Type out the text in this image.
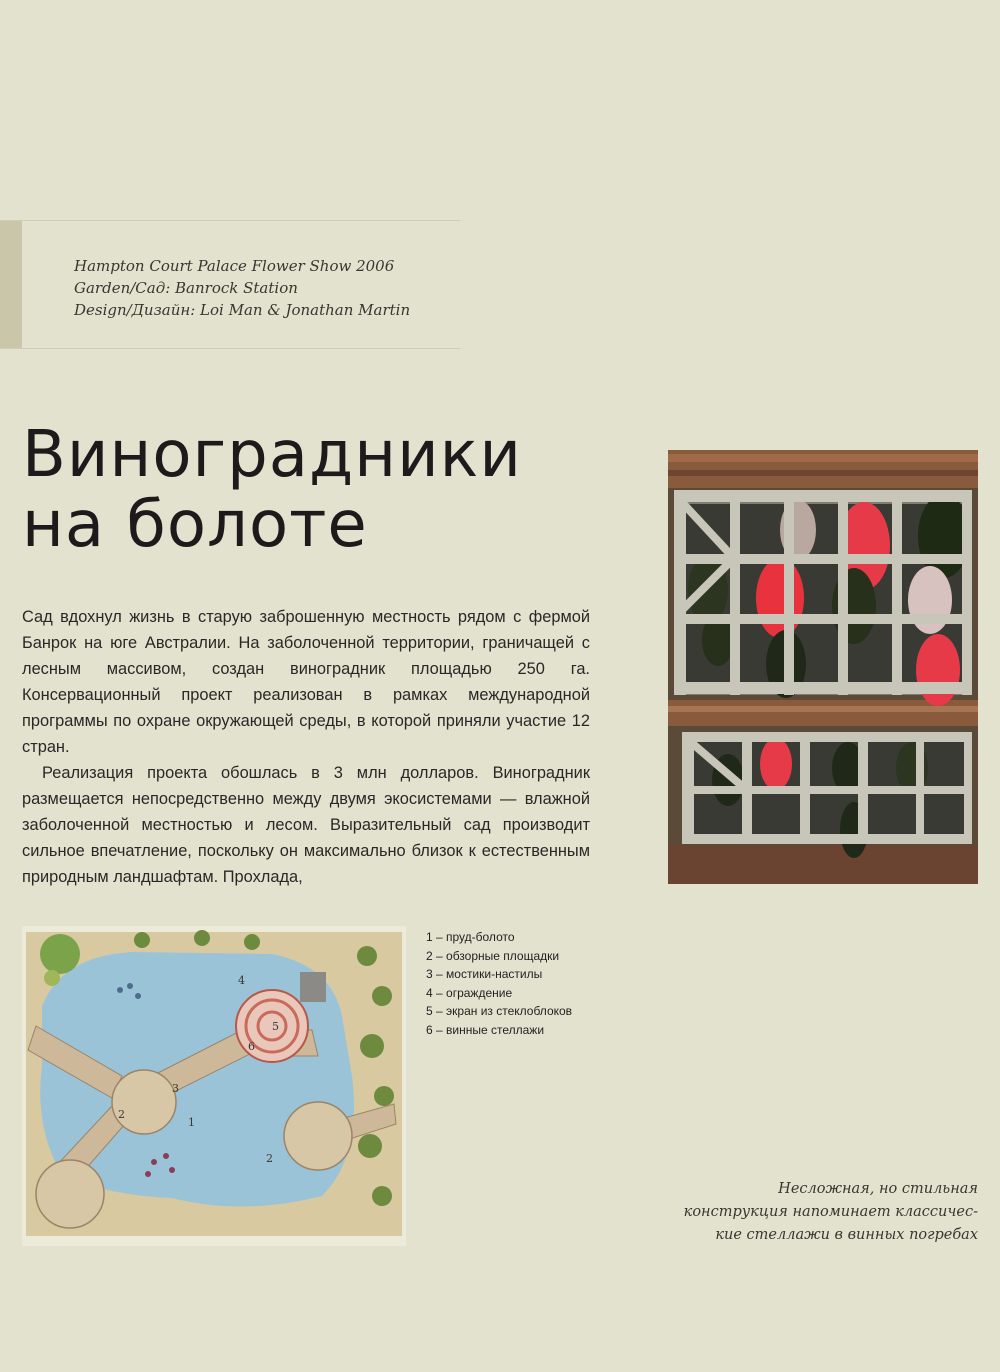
Hampton Court Palace Flower Show 2006
Garden/Сад: Banrock Station
Design/Дизайн: Loi Man & Jonathan Martin
Виноградники
на болоте

Сад вдохнул жизнь в старую заброшенную местность рядом с фермой Банрок на юге Австралии. На заболоченной территории, граничащей с лесным массивом, создан виноградник площадью 250 га. Консервационный проект реализован в рамках международной программы по охране окружающей среды, в которой приняли участие 12 стран.

Реализация проекта обошлась в 3 млн долларов. Виноградник размещается непосредственно между двумя экосистемами — влажной заболоченной местностью и лесом. Выразительный сад производит сильное впечатление, поскольку он максимально близок к естественным природным ландшафтам. Прохлада,

1
2
2
3
4
5
6
1 – пруд-болото
2 – обзорные площадки
3 – мостики-настилы
4 – ограждение
5 – экран из стеклоблоков
6 – винные стеллажи
Несложная, но стильная
конструкция напоминает классичес-
кие стеллажи в винных погребах
